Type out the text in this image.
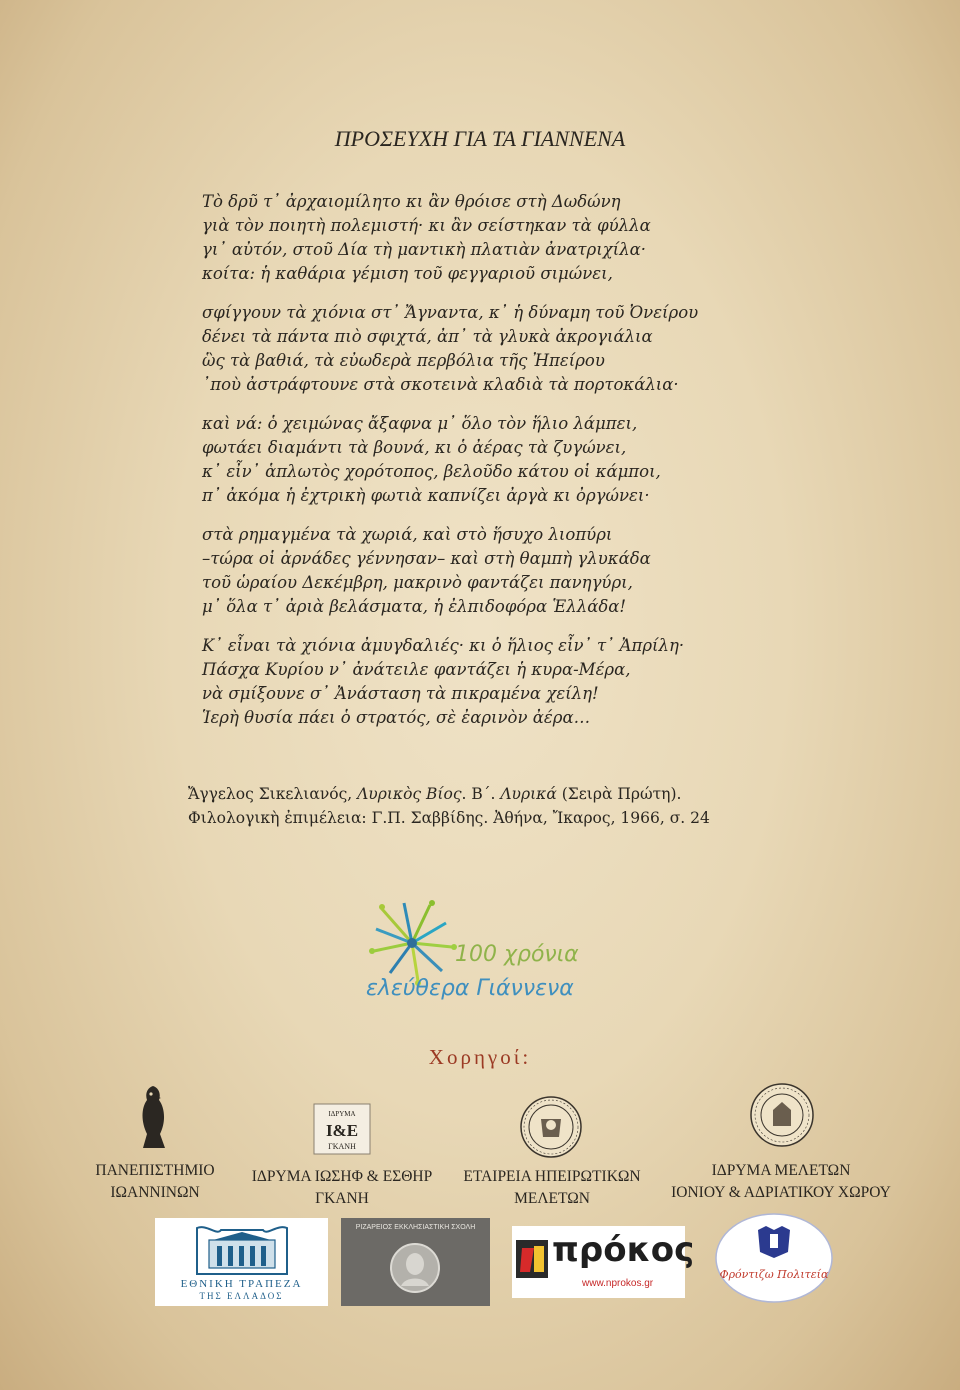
ΠΡΟΣΕΥΧΗ ΓΙΑ ΤΑ ΓΙΑΝΝΕΝΑ
Τὸ δρῦ τ᾽ ἀρχαιομίλητο κι ἂν θρόισε στὴ Δωδώνη
γιὰ τὸν ποιητὴ πολεμιστή· κι ἂν σείστηκαν τὰ φύλλα
γι᾽ αὐτόν, στοῦ Δία τὴ μαντικὴ πλατιὰν ἀνατριχίλα·
κοίτα: ἡ καθάρια γέμιση τοῦ φεγγαριοῦ σιμώνει,
σφίγγουν τὰ χιόνια στ᾽ Ἄγναντα, κ᾽ ἡ δύναμη τοῦ Ὀνείρου
δένει τὰ πάντα πιὸ σφιχτά, ἀπ᾽ τὰ γλυκὰ ἀκρογιάλια
ὣς τὰ βαθιά, τὰ εὐωδερὰ περβόλια τῆς Ἠπείρου
᾽ποὺ ἀστράφτουνε στὰ σκοτεινὰ κλαδιὰ τὰ πορτοκάλια·
καὶ νά: ὁ χειμώνας ἄξαφνα μ᾽ ὅλο τὸν ἥλιο λάμπει,
φωτάει διαμάντι τὰ βουνά, κι ὁ ἀέρας τὰ ζυγώνει,
κ᾽ εἶν᾽ ἁπλωτὸς χορότοπος, βελοῦδο κάτου οἱ κάμποι,
π᾽ ἀκόμα ἡ ἐχτρικὴ φωτιὰ καπνίζει ἀργὰ κι ὀργώνει·
στὰ ρημαγμένα τὰ χωριά, καὶ στὸ ἥσυχο λιοπύρι
–τώρα οἱ ἀρνάδες γέννησαν– καὶ στὴ θαμπὴ γλυκάδα
τοῦ ὡραίου Δεκέμβρη, μακρινὸ φαντάζει πανηγύρι,
μ᾽ ὅλα τ᾽ ἀριὰ βελάσματα, ἡ ἐλπιδοφόρα Ἑλλάδα!
Κ᾽ εἶναι τὰ χιόνια ἀμυγδαλιές· κι ὁ ἥλιος εἶν᾽ τ᾽ Ἀπρίλη·
Πάσχα Κυρίου ν᾽ ἀνάτειλε φαντάζει ἡ κυρα-Μέρα,
νὰ σμίξουνε σ᾽ Ἀνάσταση τὰ πικραμένα χείλη!
Ἱερὴ θυσία πάει ὁ στρατός, σὲ ἐαρινὸν ἀέρα…
Ἄγγελος Σικελιανός, Λυρικὸς Βίος. Β΄. Λυρικά (Σειρὰ Πρώτη).
Φιλολογικὴ ἐπιμέλεια: Γ.Π. Σαββίδης. Ἀθήνα, Ἴκαρος, 1966, σ. 24
100 χρόνια
ελεύθερα Γιάννενα
Χορηγοί:
ΠΑΝΕΠΙΣΤΗΜΙΟ
ΙΩΑΝΝΙΝΩΝ
ΙΔΡΥΜΑ
I&E
ΓΚΑΝΗ
ΙΔΡΥΜΑ ΙΩΣΗΦ & ΕΣΘΗΡ
ΓΚΑΝΗ
ΕΤΑΙΡΕΙΑ ΗΠΕΙΡΩΤΙΚΩΝ
ΜΕΛΕΤΩΝ
ΙΔΡΥΜΑ ΜΕΛΕΤΩΝ
ΙΟΝΙΟΥ & ΑΔΡΙΑΤΙΚΟΥ ΧΩΡΟΥ
ΕΘΝΙΚΗ ΤΡΑΠΕΖΑ
ΤΗΣ ΕΛΛΑΔΟΣ
ΡΙΖΑΡΕΙΟΣ ΕΚΚΛΗΣΙΑΣΤΙΚΗ ΣΧΟΛΗ
πρόκος
www.nprokos.gr
Φρόντιζω Πολιτεία
